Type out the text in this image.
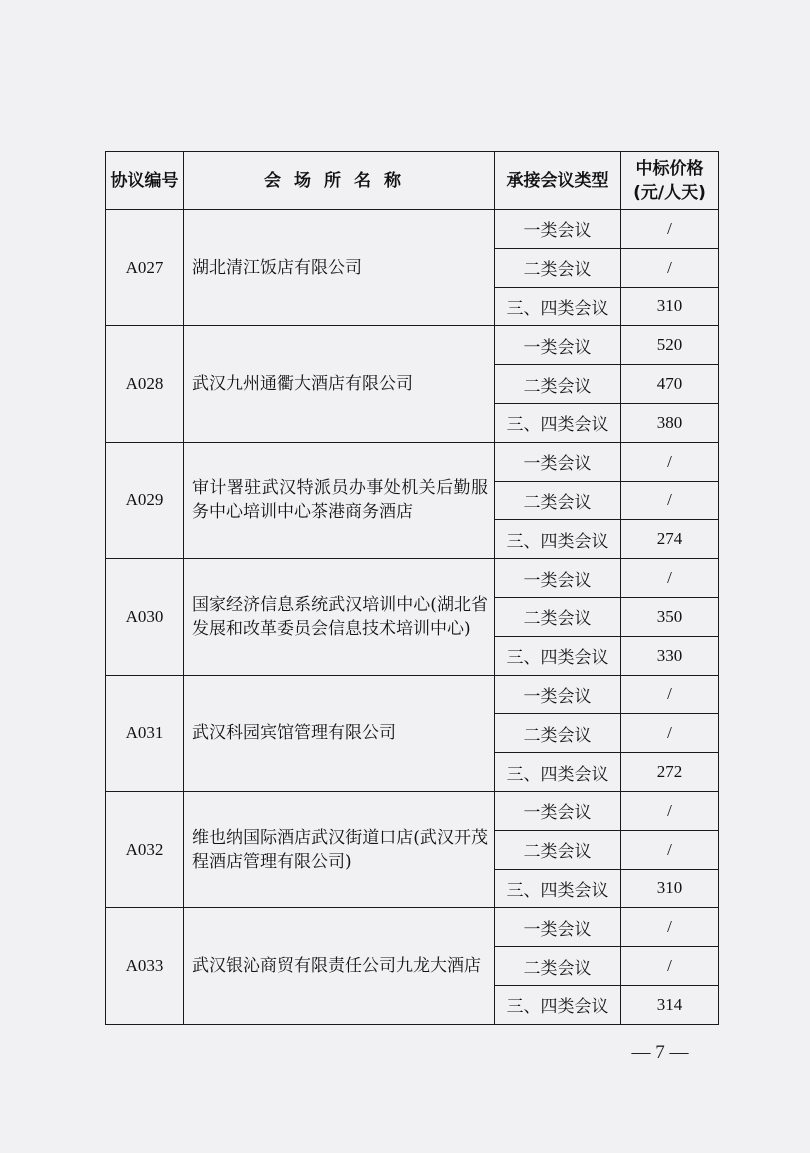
协议编号	会场所名称	承接会议类型	中标价格
(元/人天)

A027	湖北清江饭店有限公司	一类会议	/
		二类会议	/
		三、四类会议	310
A028	武汉九州通衢大酒店有限公司	一类会议	520
		二类会议	470
		三、四类会议	380
A029	审计署驻武汉特派员办事处机关后勤服务中心培训中心茶港商务酒店	一类会议	/
		二类会议	/
		三、四类会议	274
A030	国家经济信息系统武汉培训中心(湖北省发展和改革委员会信息技术培训中心)	一类会议	/
		二类会议	350
		三、四类会议	330
A031	武汉科园宾馆管理有限公司	一类会议	/
		二类会议	/
		三、四类会议	272
A032	维也纳国际酒店武汉街道口店(武汉开茂程酒店管理有限公司)	一类会议	/
		二类会议	/
		三、四类会议	310
A033	武汉银沁商贸有限责任公司九龙大酒店	一类会议	/
		二类会议	/
		三、四类会议	314
— 7 —
